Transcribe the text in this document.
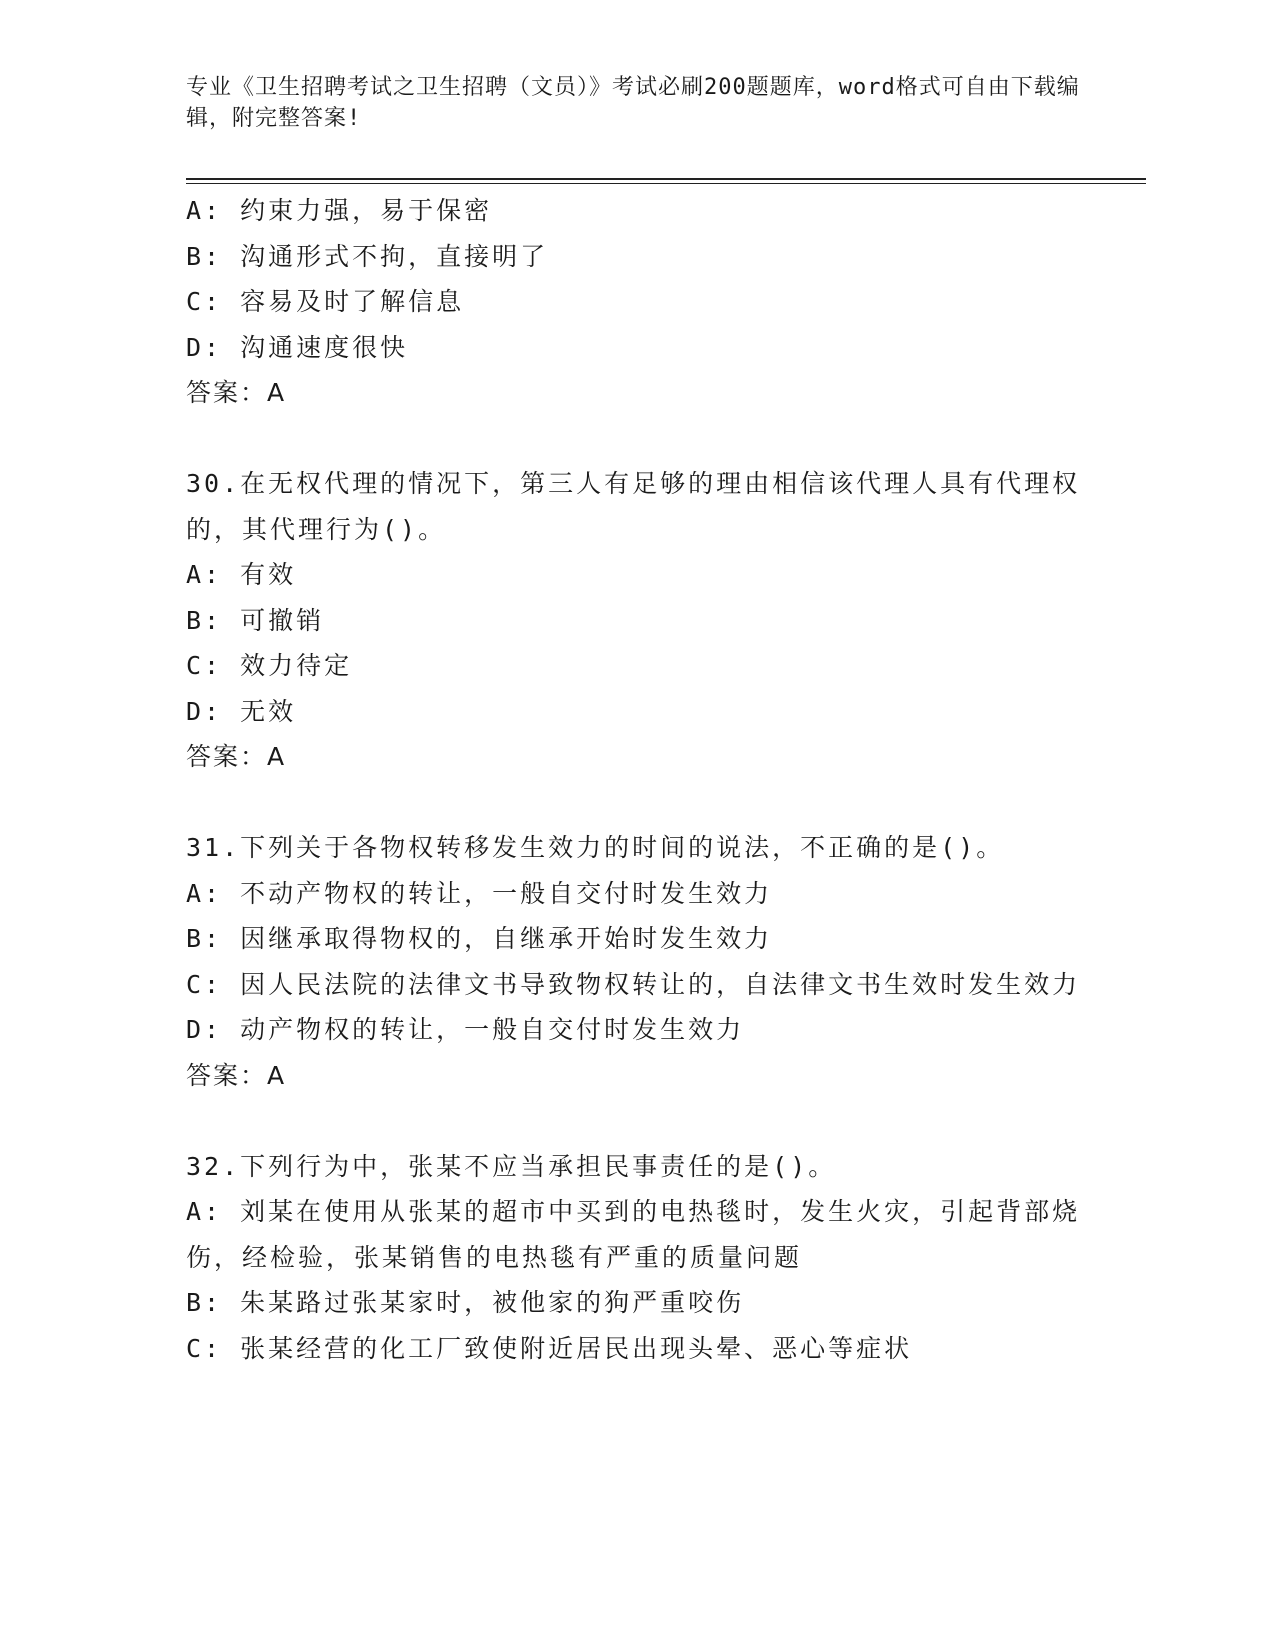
专业《卫生招聘考试之卫生招聘（文员）》考试必刷200题题库，word格式可自由下载编辑，附完整答案!

A: 约束力强，易于保密

B: 沟通形式不拘，直接明了

C: 容易及时了解信息

D: 沟通速度很快

答案：A

30.在无权代理的情况下，第三人有足够的理由相信该代理人具有代理权的，其代理行为()。

A: 有效

B: 可撤销

C: 效力待定

D: 无效

答案：A

31.下列关于各物权转移发生效力的时间的说法，不正确的是()。

A: 不动产物权的转让，一般自交付时发生效力

B: 因继承取得物权的，自继承开始时发生效力

C: 因人民法院的法律文书导致物权转让的，自法律文书生效时发生效力

D: 动产物权的转让，一般自交付时发生效力

答案：A

32.下列行为中，张某不应当承担民事责任的是()。

A: 刘某在使用从张某的超市中买到的电热毯时，发生火灾，引起背部烧伤，经检验，张某销售的电热毯有严重的质量问题

B: 朱某路过张某家时，被他家的狗严重咬伤

C: 张某经营的化工厂致使附近居民出现头晕、恶心等症状
